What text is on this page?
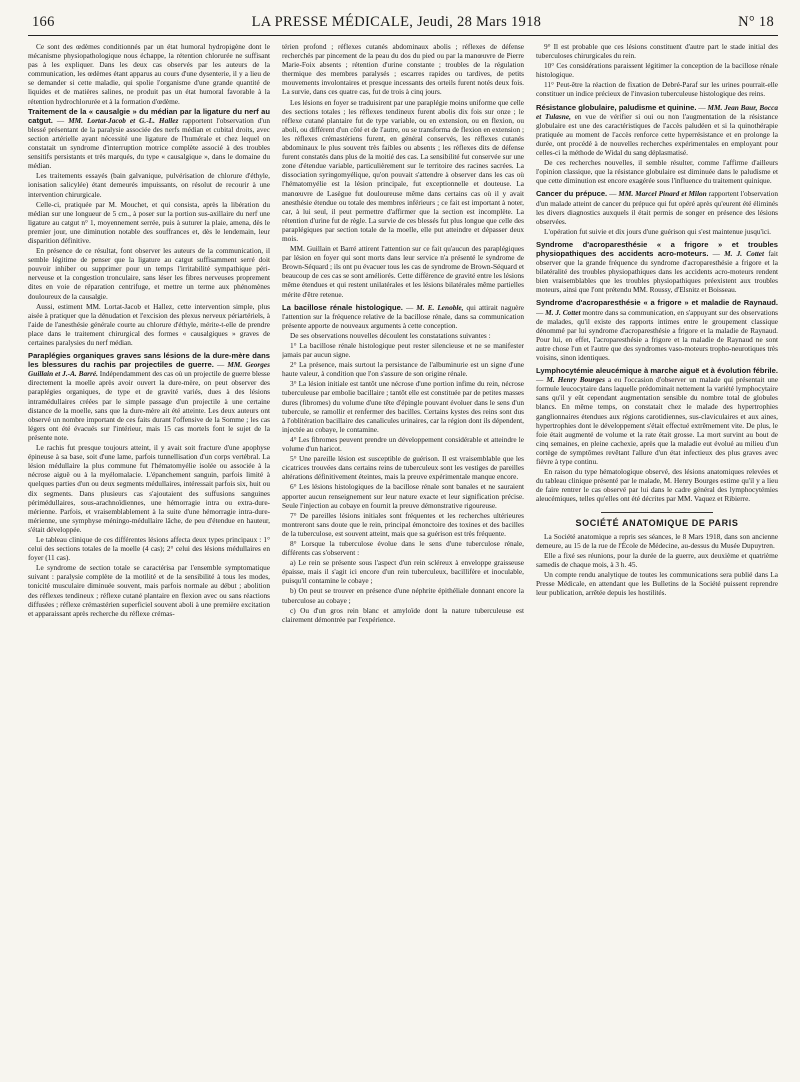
166	LA PRESSE MÉDICALE, Jeudi, 28 Mars 1918	N° 18

Ce sont des œdèmes conditionnés par un état humoral hydropigène dont le mécanisme physiopathologique nous échappe, la rétention chlorurée ne suffisant pas à les expliquer. Dans les deux cas observés par les auteurs de la communication, les œdèmes étant apparus au cours d'une dysenterie, il y a lieu de se demander si cette maladie, qui spolie l'organisme d'une grande quantité de liquides et de matières salines, ne produit pas un état humoral favorable à la rétention hydrochlorurée et à la formation d'œdème.

Traitement de la « causalgie » du médian par la ligature du nerf au catgut. — MM. Lortat-Jacob et G.-L. Hallez rapportent l'observation d'un blessé présentant de la paralysie associée des nerfs médian et cubital droits, avec section artérielle ayant nécessité une ligature de l'humérale et chez lequel on constatait un syndrome d'interruption motrice complète associé à des troubles sensitifs persistants et très marqués, du type « causalgique », dans le domaine du médian.

Les traitements essayés (bain galvanique, pulvérisation de chlorure d'éthyle, ionisation salicylée) étant demeurés impuissants, on résolut de recourir à une intervention chirurgicale.

Celle-ci, pratiquée par M. Mouchet, et qui consista, après la libération du médian sur une longueur de 5 cm., à poser sur la portion sus-axillaire du nerf une ligature au catgut n° 1, moyennement serrée, puis à suturer la plaie, amena, dès le premier jour, une diminution notable des souffrances et, dès le lendemain, leur disparition définitive.

En présence de ce résultat, font observer les auteurs de la communication, il semble légitime de penser que la ligature au catgut suffisamment serré doit pouvoir inhiber ou supprimer pour un temps l'irritabilité sympathique péri-nerveuse et la congestion tronculaire, sans léser les fibres nerveuses proprement dites en voie de réparation centrifuge, et mettre un terme aux phénomènes douloureux de la causalgie.

Aussi, estiment MM. Lortat-Jacob et Hallez, cette intervention simple, plus aisée à pratiquer que la dénudation et l'excision des plexus nerveux périartériels, à l'aide de l'anesthésie générale courte au chlorure d'éthyle, mérite-t-elle de prendre place dans le traitement chirurgical des formes « causalgiques » graves de certaines paralysies du nerf médian.

Paraplégies organiques graves sans lésions de la dure-mère dans les blessures du rachis par projectiles de guerre. — MM. Georges Guillain et J.-A. Barré. Indépendamment des cas où un projectile de guerre blesse directement la moelle après avoir ouvert la dure-mère, on peut observer des paraplégies organiques, de type et de gravité variés, dues à des lésions intramédullaires créées par le simple passage d'un projectile à une certaine distance de la moelle, sans que la dure-mère ait été atteinte. Les deux auteurs ont observé un nombre important de ces faits durant l'offensive de la Somme ; les cas légers ont été évacués sur l'intérieur, mais 15 cas mortels font le sujet de la présente note.

Le rachis fut presque toujours atteint, il y avait soit fracture d'une apophyse épineuse à sa base, soit d'une lame, parfois tunnellisation d'un corps vertébral. La lésion médullaire la plus commune fut l'hématomyélie isolée ou associée à la nécrose aiguë ou à la myélomalacie. L'épanchement sanguin, parfois limité à quelques parties d'un ou deux segments médullaires, intéressait parfois six, huit ou dix segments. Dans plusieurs cas s'ajoutaient des suffusions sanguines périmédullaires, sous-arachnoïdiennes, une hémorragie intra ou extra-dure-mérienne. Parfois, et vraisemblablement à la suite d'une hémorragie intra-dure-mérienne, une symphyse méningo-médullaire lâche, de peu d'étendue en hauteur, s'était développée.

Le tableau clinique de ces différentes lésions affecta deux types principaux : 1° celui des sections totales de la moelle (4 cas); 2° celui des lésions médullaires en foyer (11 cas).

Le syndrome de section totale se caractérisa par l'ensemble symptomatique suivant : paralysie complète de la motilité et de la sensibilité à tous les modes, tonicité musculaire diminuée souvent, mais parfois normale au début ; abolition des réflexes tendineux ; réflexe cutané plantaire en flexion avec ou sans réactions diffusées ; réflexe crémastérien superficiel souvent aboli à une première excitation et apparaissant après recherche du réflexe crémas-

térien profond ; réflexes cutanés abdominaux abolis ; réflexes de défense recherchés par pincement de la peau du dos du pied ou par la manœuvre de Pierre Marie-Foix absents ; rétention d'urine constante ; troubles de la régulation thermique des membres paralysés ; escarres rapides ou tardives, de petits mouvements involontaires et presque incessants des orteils furent notés deux fois. La survie, dans ces quatre cas, fut de trois à cinq jours.

Les lésions en foyer se traduisirent par une paraplégie moins uniforme que celle des sections totales ; les réflexes tendineux furent abolis dix fois sur onze ; le réflexe cutané plantaire fut de type variable, ou en extension, ou en flexion, ou aboli, ou différent d'un côté et de l'autre, ou se transforma de flexion en extension ; les réflexes crémastériens furent, en général conservés, les réflexes cutanés abdominaux le plus souvent très faibles ou absents ; les réflexes dits de défense furent constatés dans plus de la moitié des cas. La sensibilité fut conservée sur une zone d'étendue variable, particulièrement sur le territoire des racines sacrées. La dissociation syringomyélique, qu'on pouvait s'attendre à observer dans les cas où l'hématomyélie est la lésion principale, fut exceptionnelle et douteuse. La manœuvre de Lasègue fut douloureuse même dans certains cas où il y avait anesthésie étendue ou totale des membres inférieurs ; ce fait est important à noter, car, à lui seul, il peut permettre d'affirmer que la section est incomplète. La rétention d'urine fut de règle. La survie de ces blessés fut plus longue que celle des paraplégiques par section totale de la moelle, elle put atteindre et dépasser deux mois.

MM. Guillain et Barré attirent l'attention sur ce fait qu'aucun des paraplégiques par lésion en foyer qui sont morts dans leur service n'a présenté le syndrome de Brown-Séquard ; ils ont pu évacuer tous les cas de syndrome de Brown-Séquard et beaucoup de ces cas se sont améliorés. Cette différence de gravité entre les lésions même étendues et qui restent unilatérales et les lésions bilatérales même partielles mérite d'être retenue.

La bacillose rénale histologique. — M. E. Lenoble, qui attirait naguère l'attention sur la fréquence relative de la bacillose rénale, dans sa communication présente apporte de nouveaux arguments à cette conception.

De ses observations nouvelles découlent les constatations suivantes :

1° La bacillose rénale histologique peut rester silencieuse et ne se manifester jamais par aucun signe.

2° La présence, mais surtout la persistance de l'albuminurie est un signe d'une haute valeur, à condition que l'on s'assure de son origine rénale.

3° La lésion initiale est tantôt une nécrose d'une portion infime du rein, nécrose tuberculeuse par embolie bacillaire ; tantôt elle est constituée par de petites masses dures (fibromes) du volume d'une tête d'épingle pouvant évoluer dans le sens d'un tubercule, se ramollir et renfermer des bacilles. Certains kystes des reins sont dus à l'oblitération bacillaire des canalicules urinaires, car la région dont ils dépendent, injectée au cobaye, le contamine.

4° Les fibromes peuvent prendre un développement considérable et atteindre le volume d'un haricot.

5° Une pareille lésion est susceptible de guérison. Il est vraisemblable que les cicatrices trouvées dans certains reins de tuberculeux sont les vestiges de pareilles altérations définitivement éteintes, mais la preuve expérimentale manque encore.

6° Les lésions histologiques de la bacillose rénale sont banales et ne sauraient apporter aucun renseignement sur leur nature exacte et leur signification précise. Seule l'injection au cobaye en fournit la preuve démonstrative rigoureuse.

7° De pareilles lésions initiales sont fréquentes et les recherches ultérieures montreront sans doute que le rein, principal émonctoire des toxines et des bacilles de la tuberculose, est souvent atteint, mais que sa guérison est très fréquente.

8° Lorsque la tuberculose évolue dans le sens d'une tuberculose rénale, différents cas s'observent :

a) Le rein se présente sous l'aspect d'un rein scléreux à enveloppe graisseuse épaisse, mais il s'agit ici encore d'un rein tuberculeux, bacillifère et inoculable, puisqu'il contamine le cobaye ;

b) On peut se trouver en présence d'une néphrite épithéliale donnant encore la tuberculose au cobaye ;

c) Ou d'un gros rein blanc et amyloïde dont la nature tuberculeuse est clairement démontrée par l'expérience.

9° Il est probable que ces lésions constituent d'autre part le stade initial des tuberculoses chirurgicales du rein.

10° Ces considérations paraissent légitimer la conception de la bacillose rénale histologique.

11° Peut-être la réaction de fixation de Debré-Paraf sur les urines pourrait-elle constituer un indice précieux de l'invasion tuberculeuse histologique des reins.

Résistance globulaire, paludisme et quinine. — MM. Jean Baur, Bocca et Tulasne, en vue de vérifier si oui ou non l'augmentation de la résistance globulaire est une des caractéristiques de l'accès paludéen et si la quinothérapie pratiquée au moment de l'accès renforce cette hyperrésistance et en prolonge la durée, ont procédé à de nouvelles recherches expérimentales en employant pour celles-ci la méthode de Widal du sang déplasmatisé.

De ces recherches nouvelles, il semble résulter, comme l'affirme d'ailleurs l'opinion classique, que la résistance globulaire est diminuée dans le paludisme et que cette diminution est encore exagérée sous l'influence du traitement quinique.

Cancer du prépuce. — MM. Marcel Pinard et Milon rapportent l'observation d'un malade atteint de cancer du prépuce qui fut opéré après qu'eurent été éliminés les divers diagnostics auxquels il était permis de songer en présence des lésions observées.

L'opération fut suivie et dix jours d'une guérison qui s'est maintenue jusqu'ici.

Syndrome d'acroparesthésie « a frigore » et troubles physiopathiques des accidents acro-moteurs. — M. J. Cottet fait observer que la grande fréquence du syndrome d'acroparesthésie a frigore et la bilatéralité des troubles physiopathiques dans les accidents acro-moteurs rendent bien vraisemblables que les troubles physiopathiques préexistent aux troubles moteurs, ainsi que l'ont prétendu MM. Roussy, d'Elsnitz et Boisseau.

Syndrome d'acroparesthésie « a frigore » et maladie de Raynaud. — M. J. Cottet montre dans sa communication, en s'appuyant sur des observations de malades, qu'il existe des rapports intimes entre le groupement classique dénommé par lui syndrome d'acroparesthésie a frigore et la maladie de Raynaud. Pour lui, en effet, l'acroparesthésie a frigore et la maladie de Raynaud ne sont autre chose l'un et l'autre que des syndromes vaso-moteurs tropho-neurotiques très voisins, sinon identiques.

Lymphocytémie aleucémique à marche aiguë et à évolution fébrile. — M. Henry Bourges a eu l'occasion d'observer un malade qui présentait une formule leucocytaire dans laquelle prédominait nettement la variété lymphocytaire sans qu'il y eût cependant augmentation sensible du nombre total de globules blancs. En même temps, on constatait chez le malade des hypertrophies ganglionnaires étendues aux régions carotidiennes, sus-claviculaires et aux aines, hypertrophies dont le développement s'était effectué extrêmement vite. De plus, le foie était augmenté de volume et la rate était grosse. La mort survint au bout de cinq semaines, en pleine cachexie, après que la maladie eut évolué au milieu d'un cortège de symptômes revêtant l'allure d'un état infectieux des plus graves avec fièvre à type continu.

En raison du type hématologique observé, des lésions anatomiques relevées et du tableau clinique présenté par le malade, M. Henry Bourges estime qu'il y a lieu de faire rentrer le cas observé par lui dans le cadre général des lymphocytémies aleucémiques, telles qu'elles ont été décrites par MM. Vaquez et Ribierre.

SOCIÉTÉ ANATOMIQUE DE PARIS

La Société anatomique a repris ses séances, le 8 Mars 1918, dans son ancienne demeure, au 15 de la rue de l'École de Médecine, au-dessus du Musée Dupuytren.

Elle a fixé ses réunions, pour la durée de la guerre, aux deuxième et quatrième samedis de chaque mois, à 3 h. 45.

Un compte rendu analytique de toutes les communications sera publié dans La Presse Médicale, en attendant que les Bulletins de la Société puissent reprendre leur publication, arrêtée depuis les hostilités.
